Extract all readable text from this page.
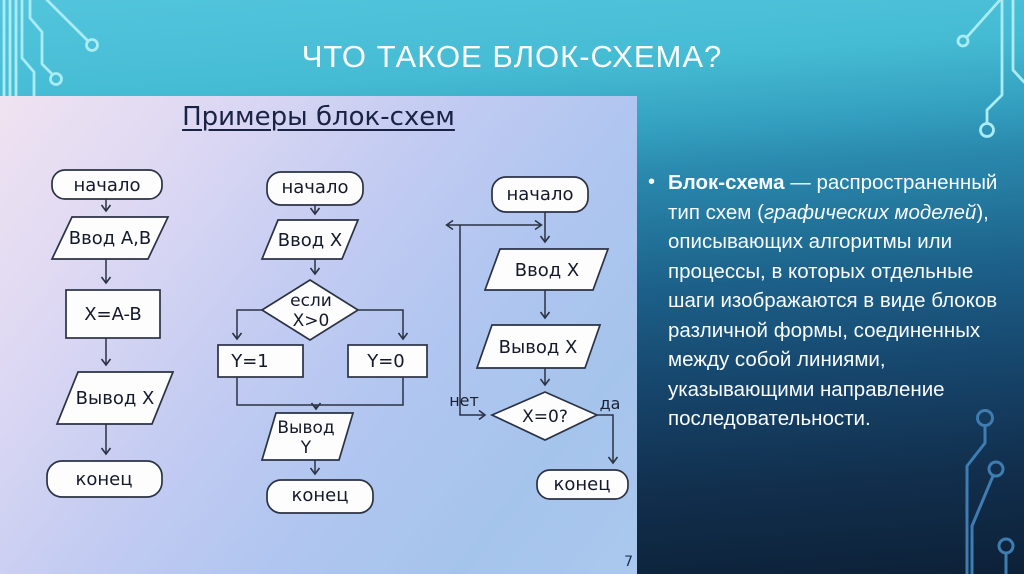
ЧТО ТАКОЕ БЛОК-СХЕМА?
Примеры блок-схем
начало
Ввод A,B
X=A-B
Вывод X
конец
начало
Ввод X
если
X>0
Y=1	Y=0
Вывод
Y
конец
начало
Ввод X
Вывод X
X=0?
нет	да
конец
7
• Блок-схема — распространенный тип схем (графических моделей), описывающих алгоритмы или процессы, в которых отдельные шаги изображаются в виде блоков различной формы, соединенных между собой линиями, указывающими направление последовательности.
